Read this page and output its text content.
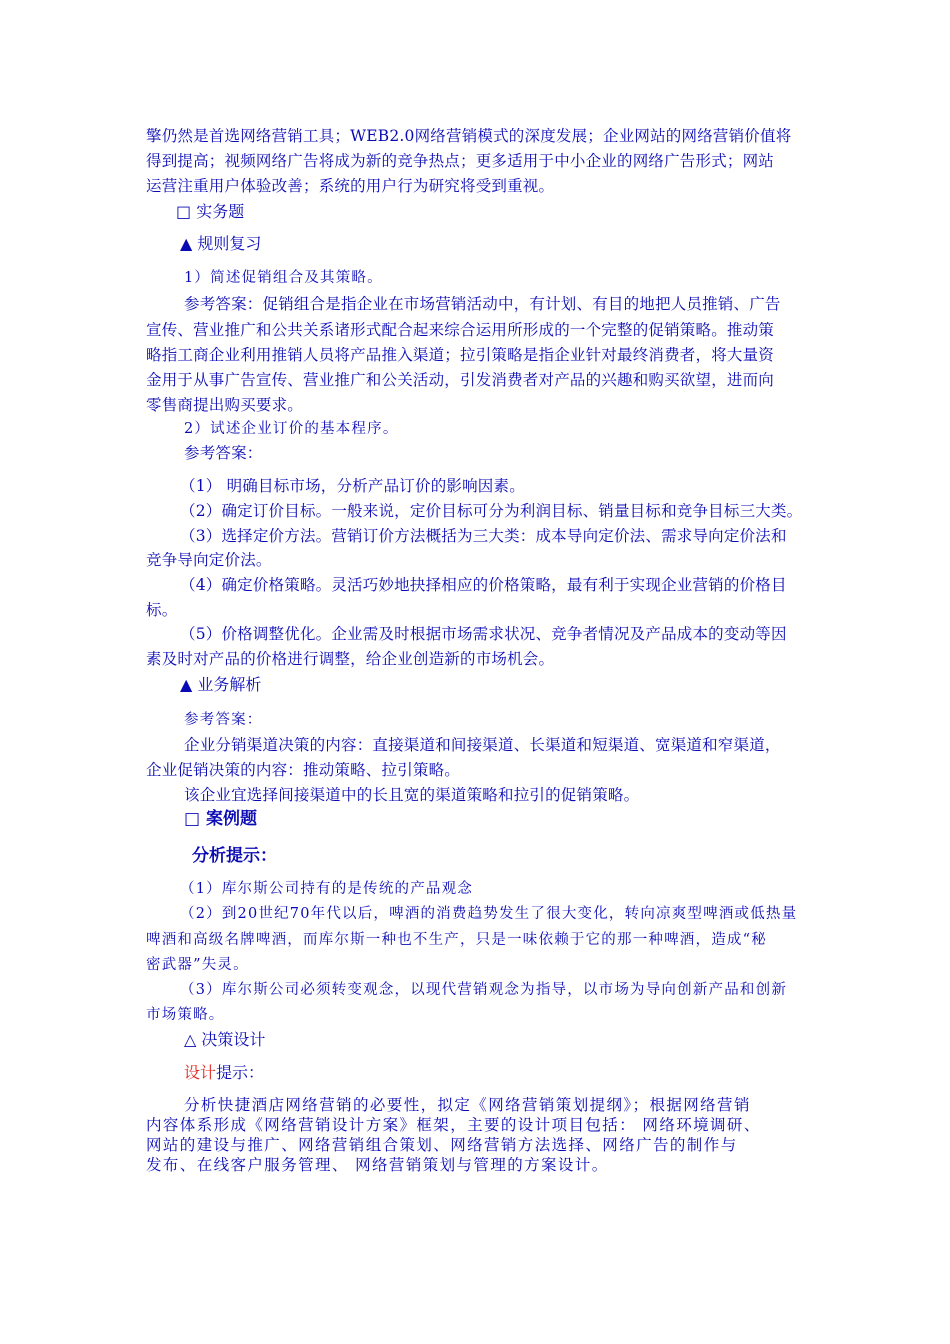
擎仍然是首选网络营销工具；WEB2.0网络营销模式的深度发展；企业网站的网络营销价值将
得到提高；视频网络广告将成为新的竞争热点；更多适用于中小企业的网络广告形式；网站
运营注重用户体验改善；系统的用户行为研究将受到重视。
□ 实务题
▲ 规则复习
1）简述促销组合及其策略。
参考答案：促销组合是指企业在市场营销活动中，有计划、有目的地把人员推销、广告
宣传、营业推广和公共关系诸形式配合起来综合运用所形成的一个完整的促销策略。推动策
略指工商企业利用推销人员将产品推入渠道；拉引策略是指企业针对最终消费者，将大量资
金用于从事广告宣传、营业推广和公关活动，引发消费者对产品的兴趣和购买欲望，进而向
零售商提出购买要求。
2）试述企业订价的基本程序。
参考答案：
（1） 明确目标市场，分析产品订价的影响因素。
（2）确定订价目标。一般来说，定价目标可分为利润目标、销量目标和竞争目标三大类。
（3）选择定价方法。营销订价方法概括为三大类：成本导向定价法、需求导向定价法和
竞争导向定价法。
（4）确定价格策略。灵活巧妙地抉择相应的价格策略，最有利于实现企业营销的价格目
标。
（5）价格调整优化。企业需及时根据市场需求状况、竞争者情况及产品成本的变动等因
素及时对产品的价格进行调整，给企业创造新的市场机会。
▲ 业务解析
参考答案：
企业分销渠道决策的内容：直接渠道和间接渠道、长渠道和短渠道、宽渠道和窄渠道，
企业促销决策的内容：推动策略、拉引策略。
该企业宜选择间接渠道中的长且宽的渠道策略和拉引的促销策略。
□ 案例题
分析提示：
（1）库尔斯公司持有的是传统的产品观念
（2）到20世纪70年代以后，啤酒的消费趋势发生了很大变化，转向凉爽型啤酒或低热量
啤酒和高级名牌啤酒，而库尔斯一种也不生产，只是一味依赖于它的那一种啤酒，造成“秘
密武器”失灵。
（3）库尔斯公司必须转变观念，以现代营销观念为指导，以市场为导向创新产品和创新
市场策略。
△ 决策设计
设计提示：
分析快捷酒店网络营销的必要性，拟定《网络营销策划提纲》；根据网络营销
内容体系形成《网络营销设计方案》框架，主要的设计项目包括： 网络环境调研、
网站的建设与推广、网络营销组合策划、网络营销方法选择、网络广告的制作与
发布、在线客户服务管理、 网络营销策划与管理的方案设计。
